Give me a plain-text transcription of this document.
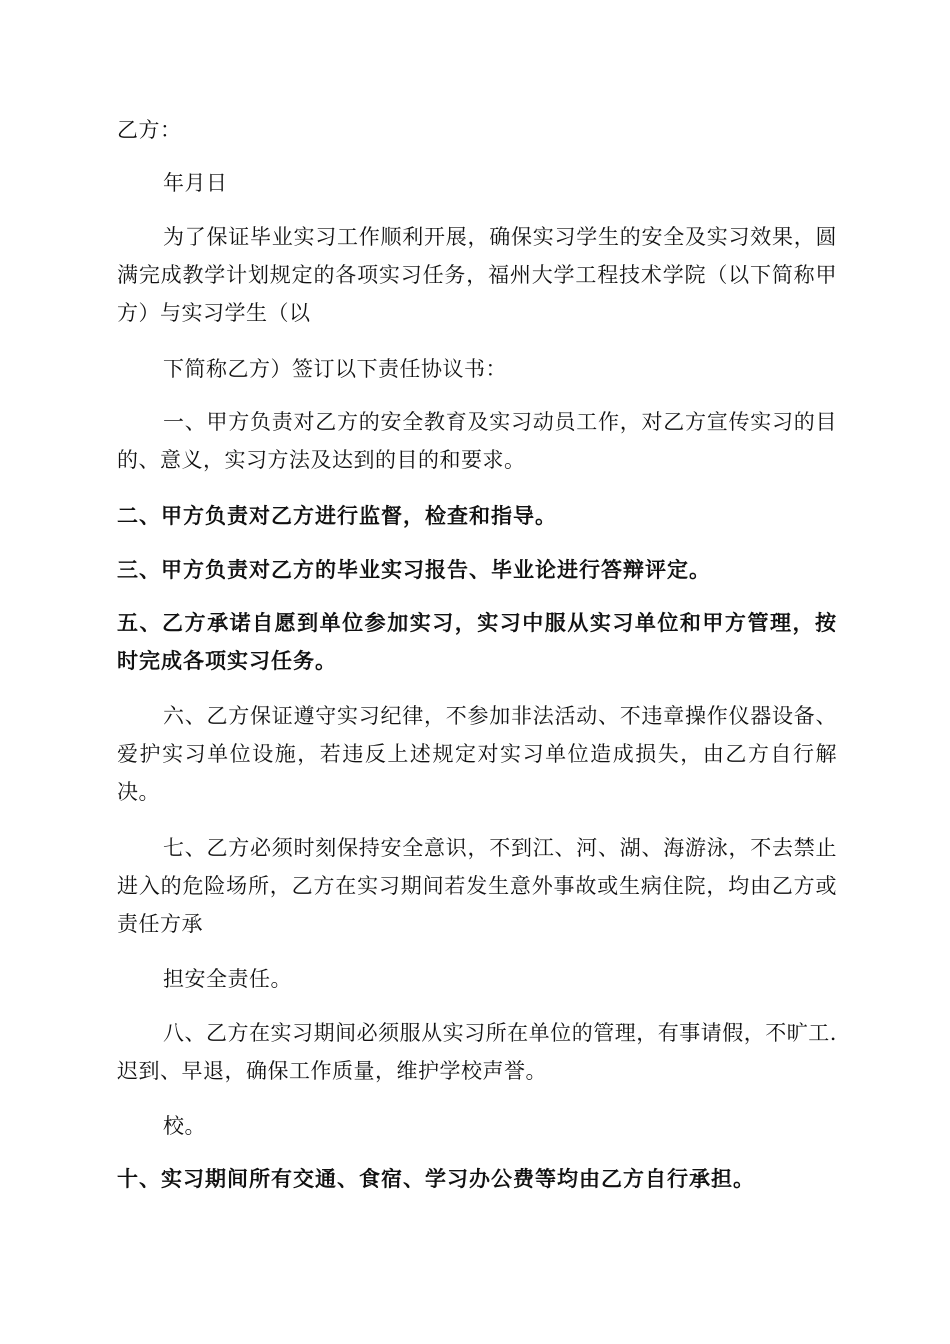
乙方：

年月日

为了保证毕业实习工作顺利开展，确保实习学生的安全及实习效果，圆满完成教学计划规定的各项实习任务，福州大学工程技术学院（以下简称甲方）与实习学生（以

下简称乙方）签订以下责任协议书：

一、甲方负责对乙方的安全教育及实习动员工作，对乙方宣传实习的目的、意义，实习方法及达到的目的和要求。

二、甲方负责对乙方进行监督，检查和指导。

三、甲方负责对乙方的毕业实习报告、毕业论进行答辩评定。

五、乙方承诺自愿到单位参加实习，实习中服从实习单位和甲方管理，按时完成各项实习任务。

六、乙方保证遵守实习纪律，不参加非法活动、不违章操作仪器设备、爱护实习单位设施，若违反上述规定对实习单位造成损失，由乙方自行解决。

七、乙方必须时刻保持安全意识，不到江、河、湖、海游泳，不去禁止进入的危险场所，乙方在实习期间若发生意外事故或生病住院，均由乙方或责任方承

担安全责任。

八、乙方在实习期间必须服从实习所在单位的管理，有事请假，不旷工. 迟到、早退，确保工作质量，维护学校声誉。

校。

十、实习期间所有交通、食宿、学习办公费等均由乙方自行承担。
